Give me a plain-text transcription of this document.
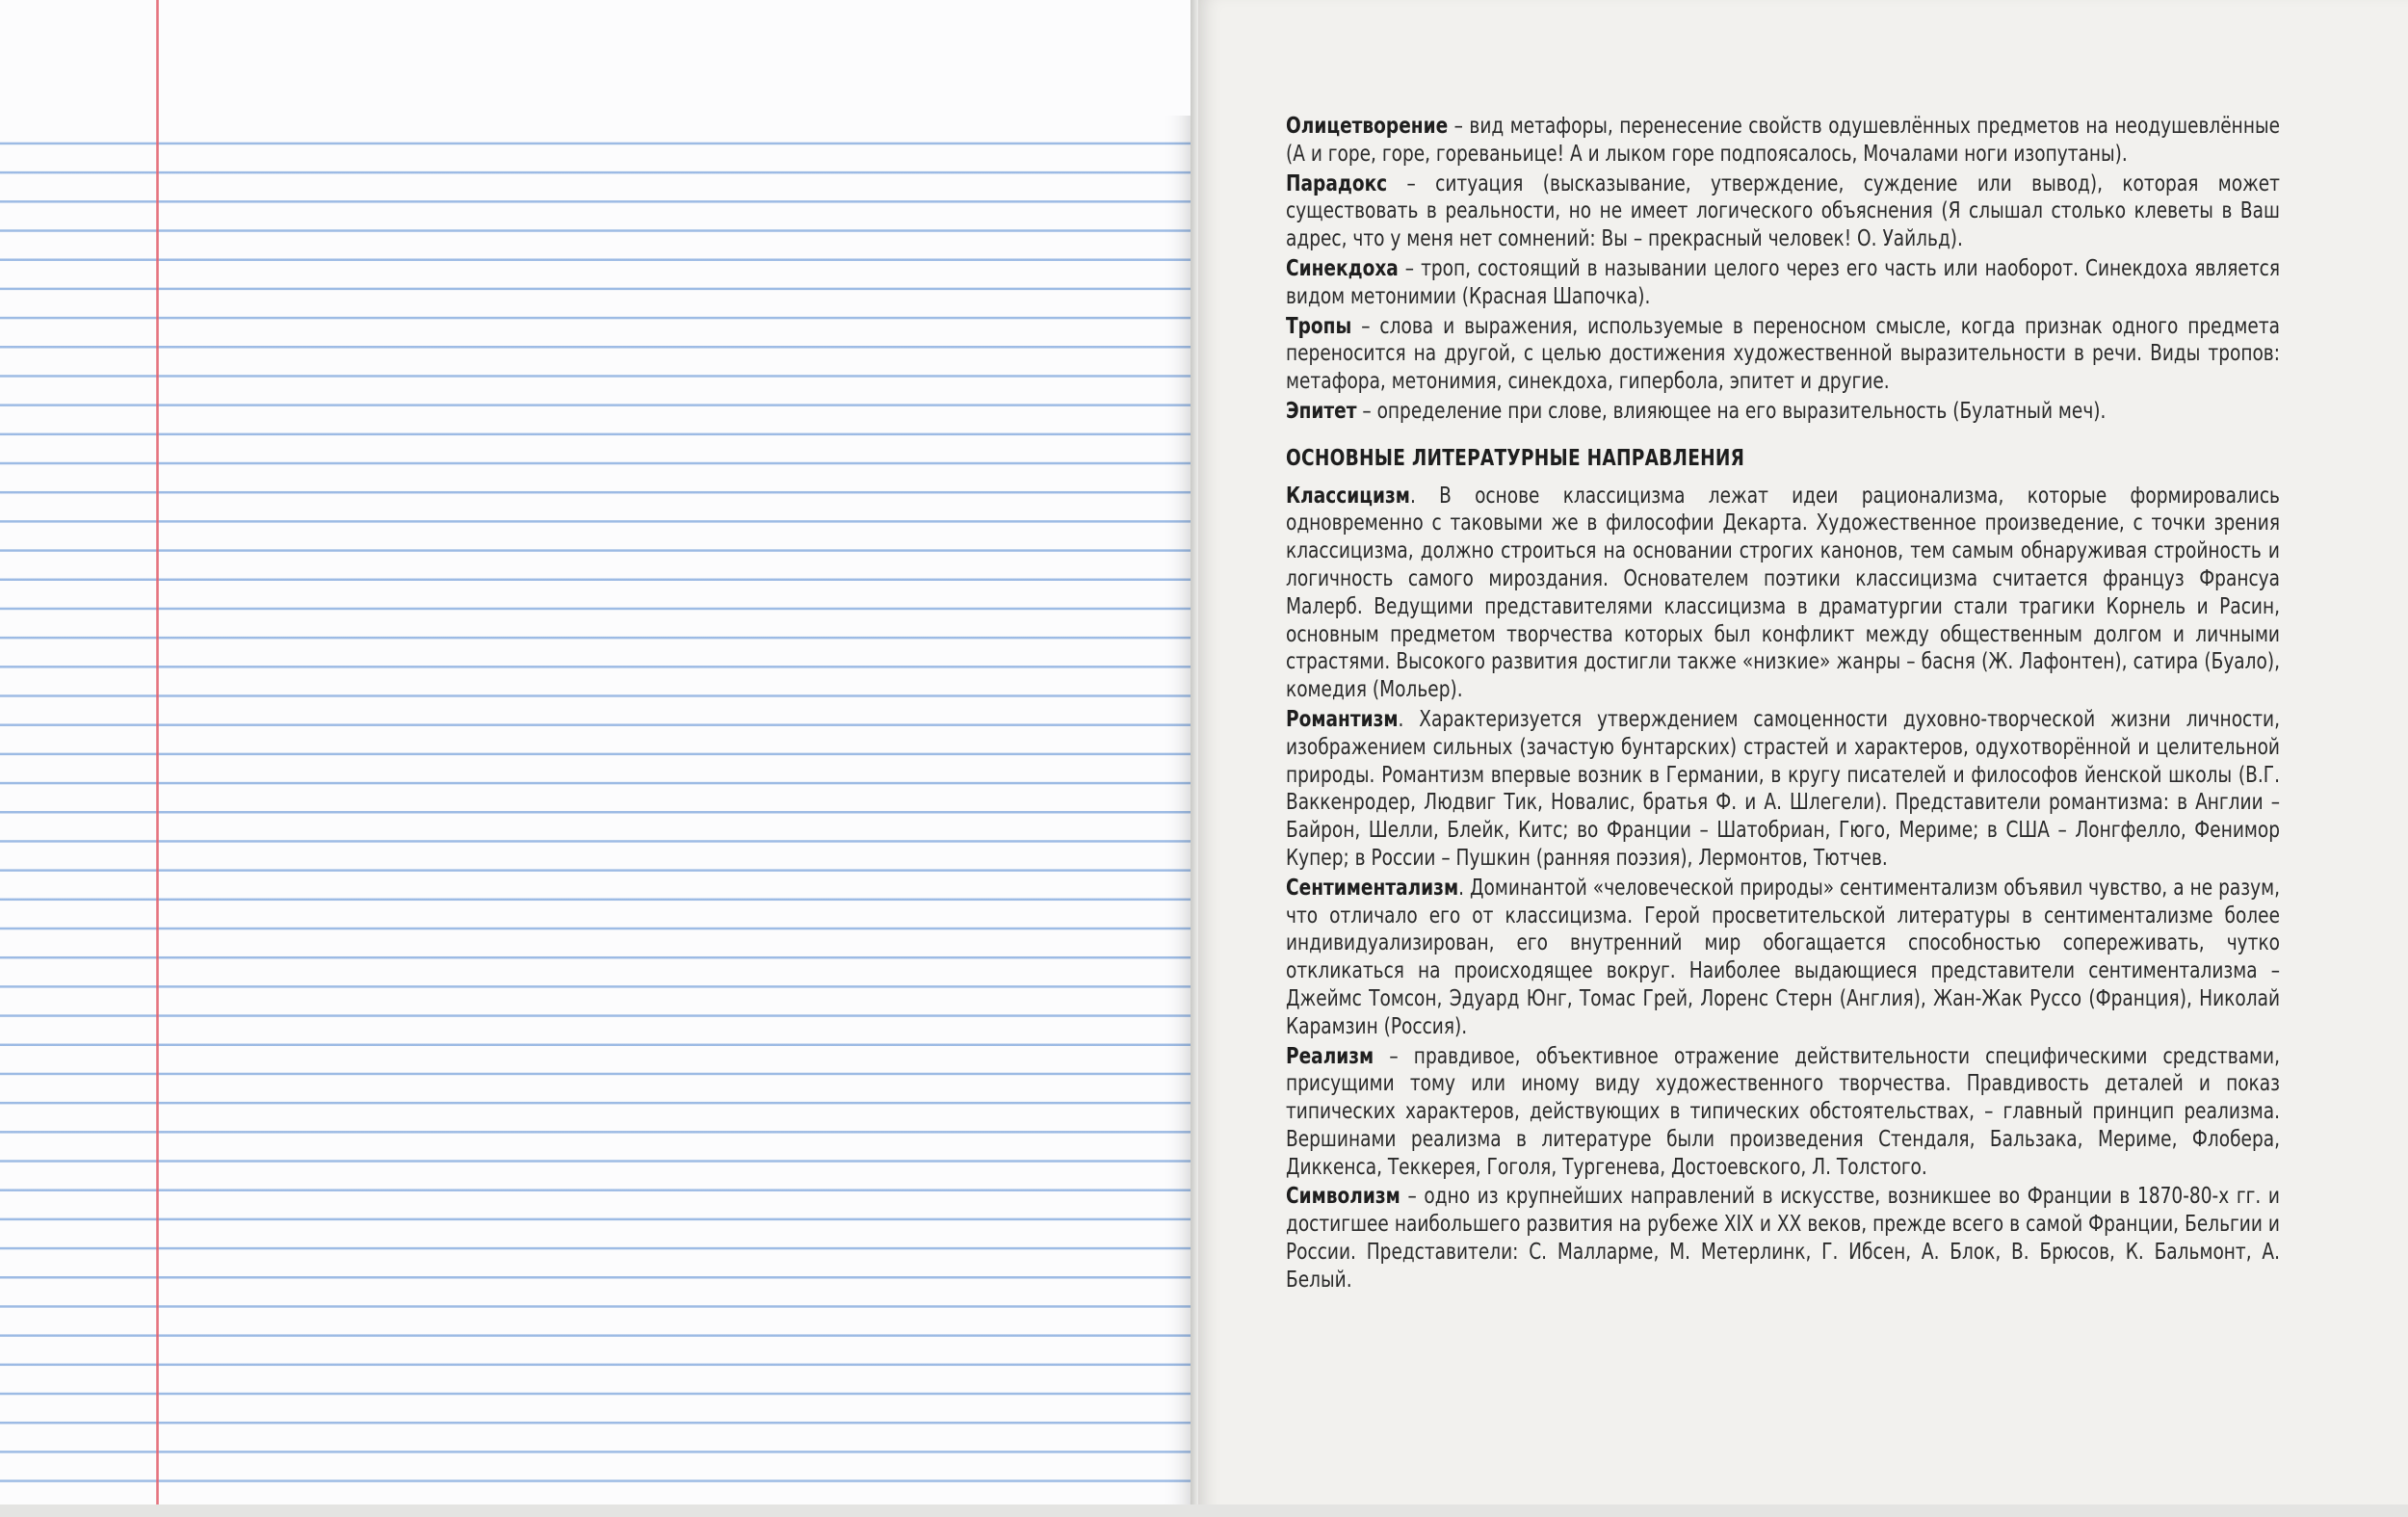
Олицетворение – вид метафоры, перенесение свойств одушевлённых предметов на неодушевлённые (А и горе, горе, гореваньице! А и лыком горе подпоясалось, Мочалами ноги изопутаны).

Парадокс – ситуация (высказывание, утверждение, суждение или вывод), которая может существовать в реальности, но не имеет логического объяснения (Я слышал столько клеветы в Ваш адрес, что у меня нет сомнений: Вы – прекрасный человек! О. Уайльд).

Синекдоха – троп, состоящий в назывании целого через его часть или наоборот. Синекдоха является видом метонимии (Красная Шапочка).

Тропы – слова и выражения, используемые в переносном смысле, когда признак одного предмета переносится на другой, с целью достижения художественной выразительности в речи. Виды тропов: метафора, метонимия, синекдоха, гипербола, эпитет и другие.

Эпитет – определение при слове, влияющее на его выразительность (Булатный меч).

ОСНОВНЫЕ ЛИТЕРАТУРНЫЕ НАПРАВЛЕНИЯ

Классицизм. В основе классицизма лежат идеи рационализма, которые формировались одновременно с таковыми же в философии Декарта. Художественное произведение, с точки зрения классицизма, должно строиться на основании строгих канонов, тем самым обнаруживая стройность и логичность самого мироздания. Основателем поэтики классицизма считается француз Франсуа Малерб. Ведущими представителями классицизма в драматургии стали трагики Корнель и Расин, основным предметом творчества которых был конфликт между общественным долгом и личными страстями. Высокого развития достигли также «низкие» жанры – басня (Ж. Лафонтен), сатира (Буало), комедия (Мольер).

Романтизм. Характеризуется утверждением самоценности духовно-творческой жизни личности, изображением сильных (зачастую бунтарских) страстей и характеров, одухотворённой и целительной природы. Романтизм впервые возник в Германии, в кругу писателей и философов йенской школы (В.Г. Ваккенродер, Людвиг Тик, Новалис, братья Ф. и А. Шлегели). Представители романтизма: в Англии – Байрон, Шелли, Блейк, Китс; во Франции – Шатобриан, Гюго, Мериме; в США – Лонгфелло, Фенимор Купер; в России – Пушкин (ранняя поэзия), Лермонтов, Тютчев.

Сентиментализм. Доминантой «человеческой природы» сентиментализм объявил чувство, а не разум, что отличало его от классицизма. Герой просветительской литературы в сентиментализме более индивидуализирован, его внутренний мир обогащается способностью сопереживать, чутко откликаться на происходящее вокруг. Наиболее выдающиеся представители сентиментализма – Джеймс Томсон, Эдуард Юнг, Томас Грей, Лоренс Стерн (Англия), Жан-Жак Руссо (Франция), Николай Карамзин (Россия).

Реализм – правдивое, объективное отражение действительности специфическими средствами, присущими тому или иному виду художественного творчества. Правдивость деталей и показ типических характеров, действующих в типических обстоятельствах, – главный принцип реализма. Вершинами реализма в литературе были произведения Стендаля, Бальзака, Мериме, Флобера, Диккенса, Теккерея, Гоголя, Тургенева, Достоевского, Л. Толстого.

Символизм – одно из крупнейших направлений в искусстве, возникшее во Франции в 1870-80-х гг. и достигшее наибольшего развития на рубеже XIX и XX веков, прежде всего в самой Франции, Бельгии и России. Представители: С. Малларме, М. Метерлинк, Г. Ибсен, А. Блок, В. Брюсов, К. Бальмонт, А. Белый.
